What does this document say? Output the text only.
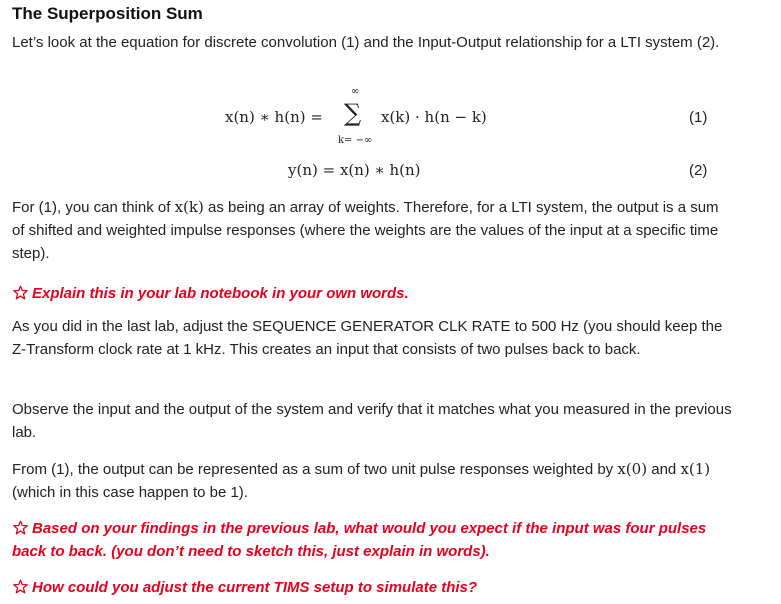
The Superposition Sum
Let’s look at the equation for discrete convolution (1) and the Input-Output relationship for a LTI system (2).
x(n) ∗ h(n) =
∞
∑
k= −∞
x(k) · h(n − k)	(1)
y(n) = x(n) ∗ h(n)	(2)
For (1), you can think of x(k) as being an array of weights. Therefore, for a LTI system, the output is a sum of shifted and weighted impulse responses (where the weights are the values of the input at a specific time step).
Explain this in your lab notebook in your own words.
As you did in the last lab, adjust the SEQUENCE GENERATOR CLK RATE to 500 Hz (you should keep the Z-Transform clock rate at 1 kHz. This creates an input that consists of two pulses back to back.
Observe the input and the output of the system and verify that it matches what you measured in the previous lab.
From (1), the output can be represented as a sum of two unit pulse responses weighted by x(0) and x(1) (which in this case happen to be 1).
Based on your findings in the previous lab, what would you expect if the input was four pulses back to back. (you don’t need to sketch this, just explain in words).
How could you adjust the current TIMS setup to simulate this?
